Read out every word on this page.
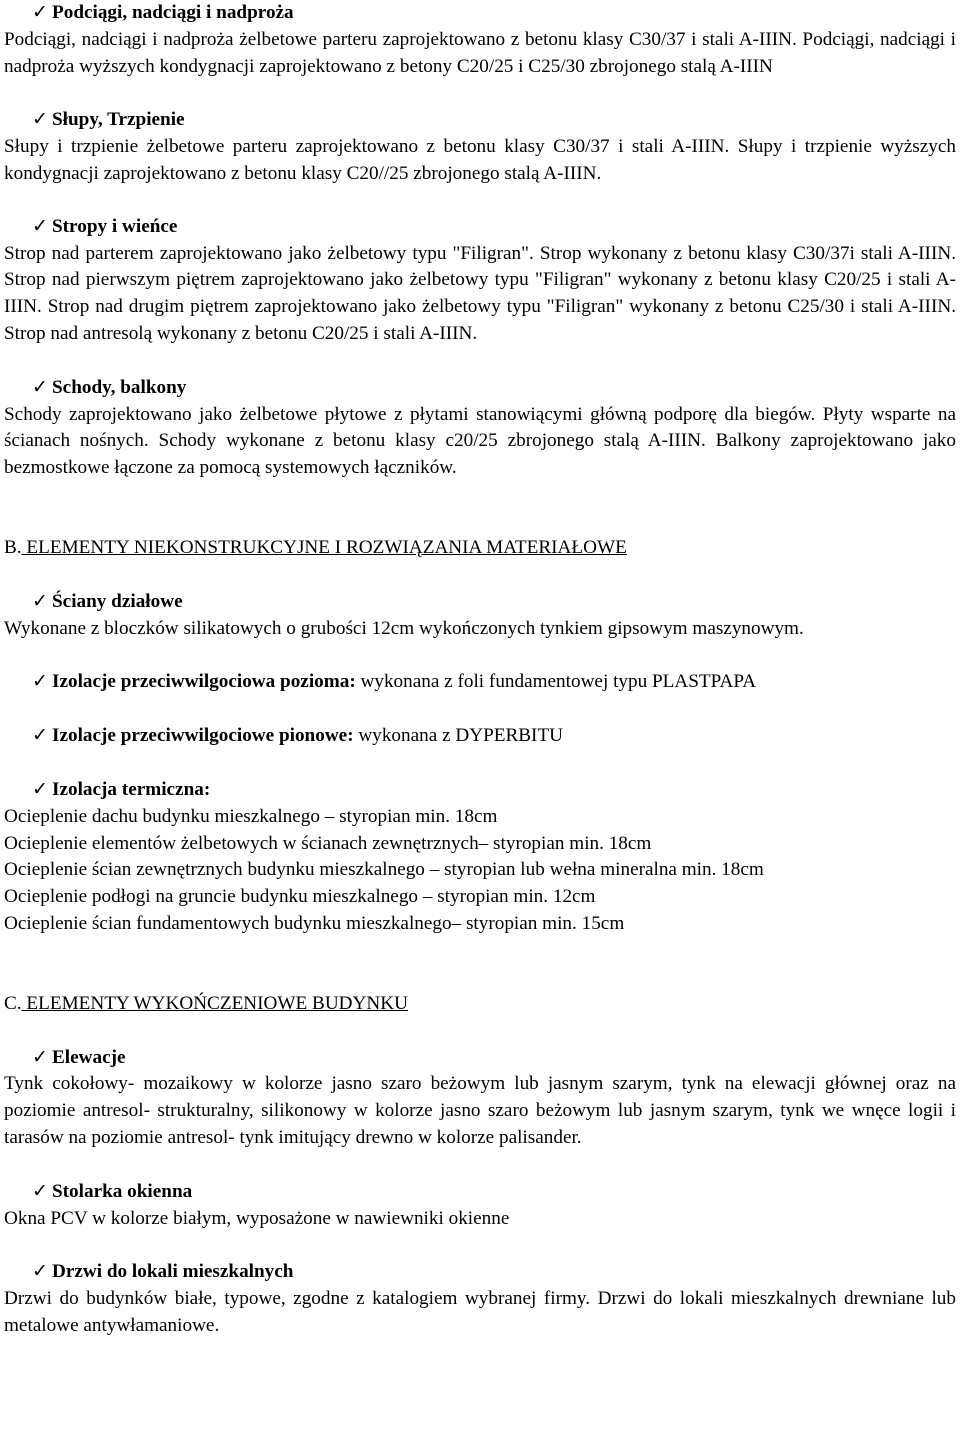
✓ Podciągi, nadciągi i nadproża

Podciągi, nadciągi i nadproża żelbetowe parteru zaprojektowano z betonu klasy C30/37 i stali A-IIIN. Podciągi, nadciągi i nadproża wyższych kondygnacji zaprojektowano z betony C20/25 i C25/30 zbrojonego stalą A-IIIN

✓ Słupy, Trzpienie

Słupy i trzpienie żelbetowe parteru zaprojektowano z betonu klasy C30/37 i stali A-IIIN. Słupy i trzpienie wyższych kondygnacji zaprojektowano z betonu klasy C20//25 zbrojonego stalą A-IIIN.

✓ Stropy i wieńce

Strop nad parterem zaprojektowano jako żelbetowy typu "Filigran". Strop wykonany z betonu klasy C30/37i stali A-IIIN. Strop nad pierwszym piętrem zaprojektowano jako żelbetowy typu "Filigran" wykonany z betonu klasy C20/25 i stali A-IIIN. Strop nad drugim piętrem zaprojektowano jako żelbetowy typu "Filigran" wykonany z betonu C25/30 i stali A-IIIN. Strop nad antresolą wykonany z betonu C20/25 i stali A-IIIN.

✓ Schody, balkony

Schody zaprojektowano jako żelbetowe płytowe z płytami stanowiącymi główną podporę dla biegów. Płyty wsparte na ścianach nośnych. Schody wykonane z betonu klasy c20/25 zbrojonego stalą A-IIIN. Balkony zaprojektowano jako bezmostkowe łączone za pomocą systemowych łączników.

B. ELEMENTY NIEKONSTRUKCYJNE I ROZWIĄZANIA MATERIAŁOWE
✓ Ściany działowe

Wykonane z bloczków silikatowych o grubości 12cm wykończonych tynkiem gipsowym maszynowym.

✓ Izolacje przeciwwilgociowa pozioma: wykonana z foli fundamentowej typu PLASTPAPA
✓ Izolacje przeciwwilgociowe pionowe: wykonana z DYPERBITU
✓ Izolacja termiczna:
Ocieplenie dachu budynku mieszkalnego – styropian min. 18cm
Ocieplenie elementów żelbetowych w ścianach zewnętrznych– styropian min. 18cm
Ocieplenie ścian zewnętrznych budynku mieszkalnego – styropian lub wełna mineralna min. 18cm
Ocieplenie podłogi na gruncie budynku mieszkalnego – styropian min. 12cm
Ocieplenie ścian fundamentowych budynku mieszkalnego– styropian min. 15cm
C. ELEMENTY WYKOŃCZENIOWE BUDYNKU
✓ Elewacje

Tynk cokołowy- mozaikowy w kolorze jasno szaro beżowym lub jasnym szarym, tynk na elewacji głównej oraz na poziomie antresol- strukturalny, silikonowy w kolorze jasno szaro beżowym lub jasnym szarym, tynk we wnęce logii i tarasów na poziomie antresol- tynk imitujący drewno w kolorze palisander.

✓ Stolarka okienna

Okna PCV w kolorze białym, wyposażone w nawiewniki okienne

✓ Drzwi do lokali mieszkalnych

Drzwi do budynków białe, typowe, zgodne z katalogiem wybranej firmy. Drzwi do lokali mieszkalnych drewniane lub metalowe antywłamaniowe.
